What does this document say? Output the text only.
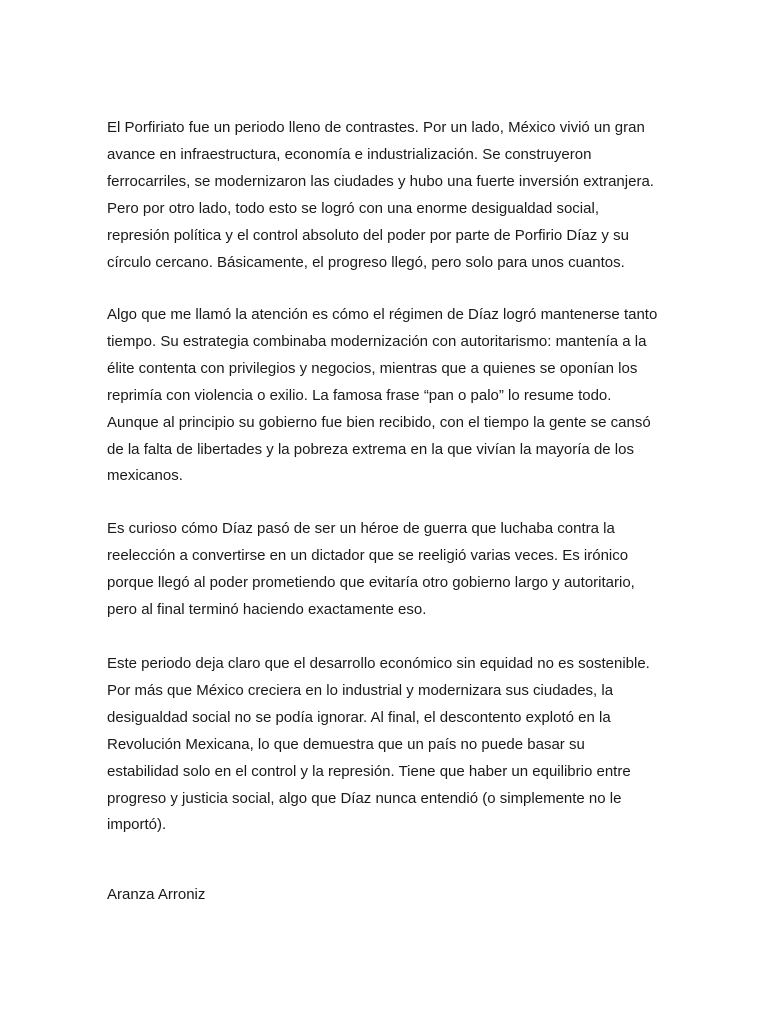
El Porfiriato fue un periodo lleno de contrastes. Por un lado, México vivió un gran
avance en infraestructura, economía e industrialización. Se construyeron
ferrocarriles, se modernizaron las ciudades y hubo una fuerte inversión extranjera.
Pero por otro lado, todo esto se logró con una enorme desigualdad social,
represión política y el control absoluto del poder por parte de Porfirio Díaz y su
círculo cercano. Básicamente, el progreso llegó, pero solo para unos cuantos.

Algo que me llamó la atención es cómo el régimen de Díaz logró mantenerse tanto
tiempo. Su estrategia combinaba modernización con autoritarismo: mantenía a la
élite contenta con privilegios y negocios, mientras que a quienes se oponían los
reprimía con violencia o exilio. La famosa frase “pan o palo” lo resume todo.
Aunque al principio su gobierno fue bien recibido, con el tiempo la gente se cansó
de la falta de libertades y la pobreza extrema en la que vivían la mayoría de los
mexicanos.

Es curioso cómo Díaz pasó de ser un héroe de guerra que luchaba contra la
reelección a convertirse en un dictador que se reeligió varias veces. Es irónico
porque llegó al poder prometiendo que evitaría otro gobierno largo y autoritario,
pero al final terminó haciendo exactamente eso.

Este periodo deja claro que el desarrollo económico sin equidad no es sostenible.
Por más que México creciera en lo industrial y modernizara sus ciudades, la
desigualdad social no se podía ignorar. Al final, el descontento explotó en la
Revolución Mexicana, lo que demuestra que un país no puede basar su
estabilidad solo en el control y la represión. Tiene que haber un equilibrio entre
progreso y justicia social, algo que Díaz nunca entendió (o simplemente no le
importó).

Aranza Arroniz
